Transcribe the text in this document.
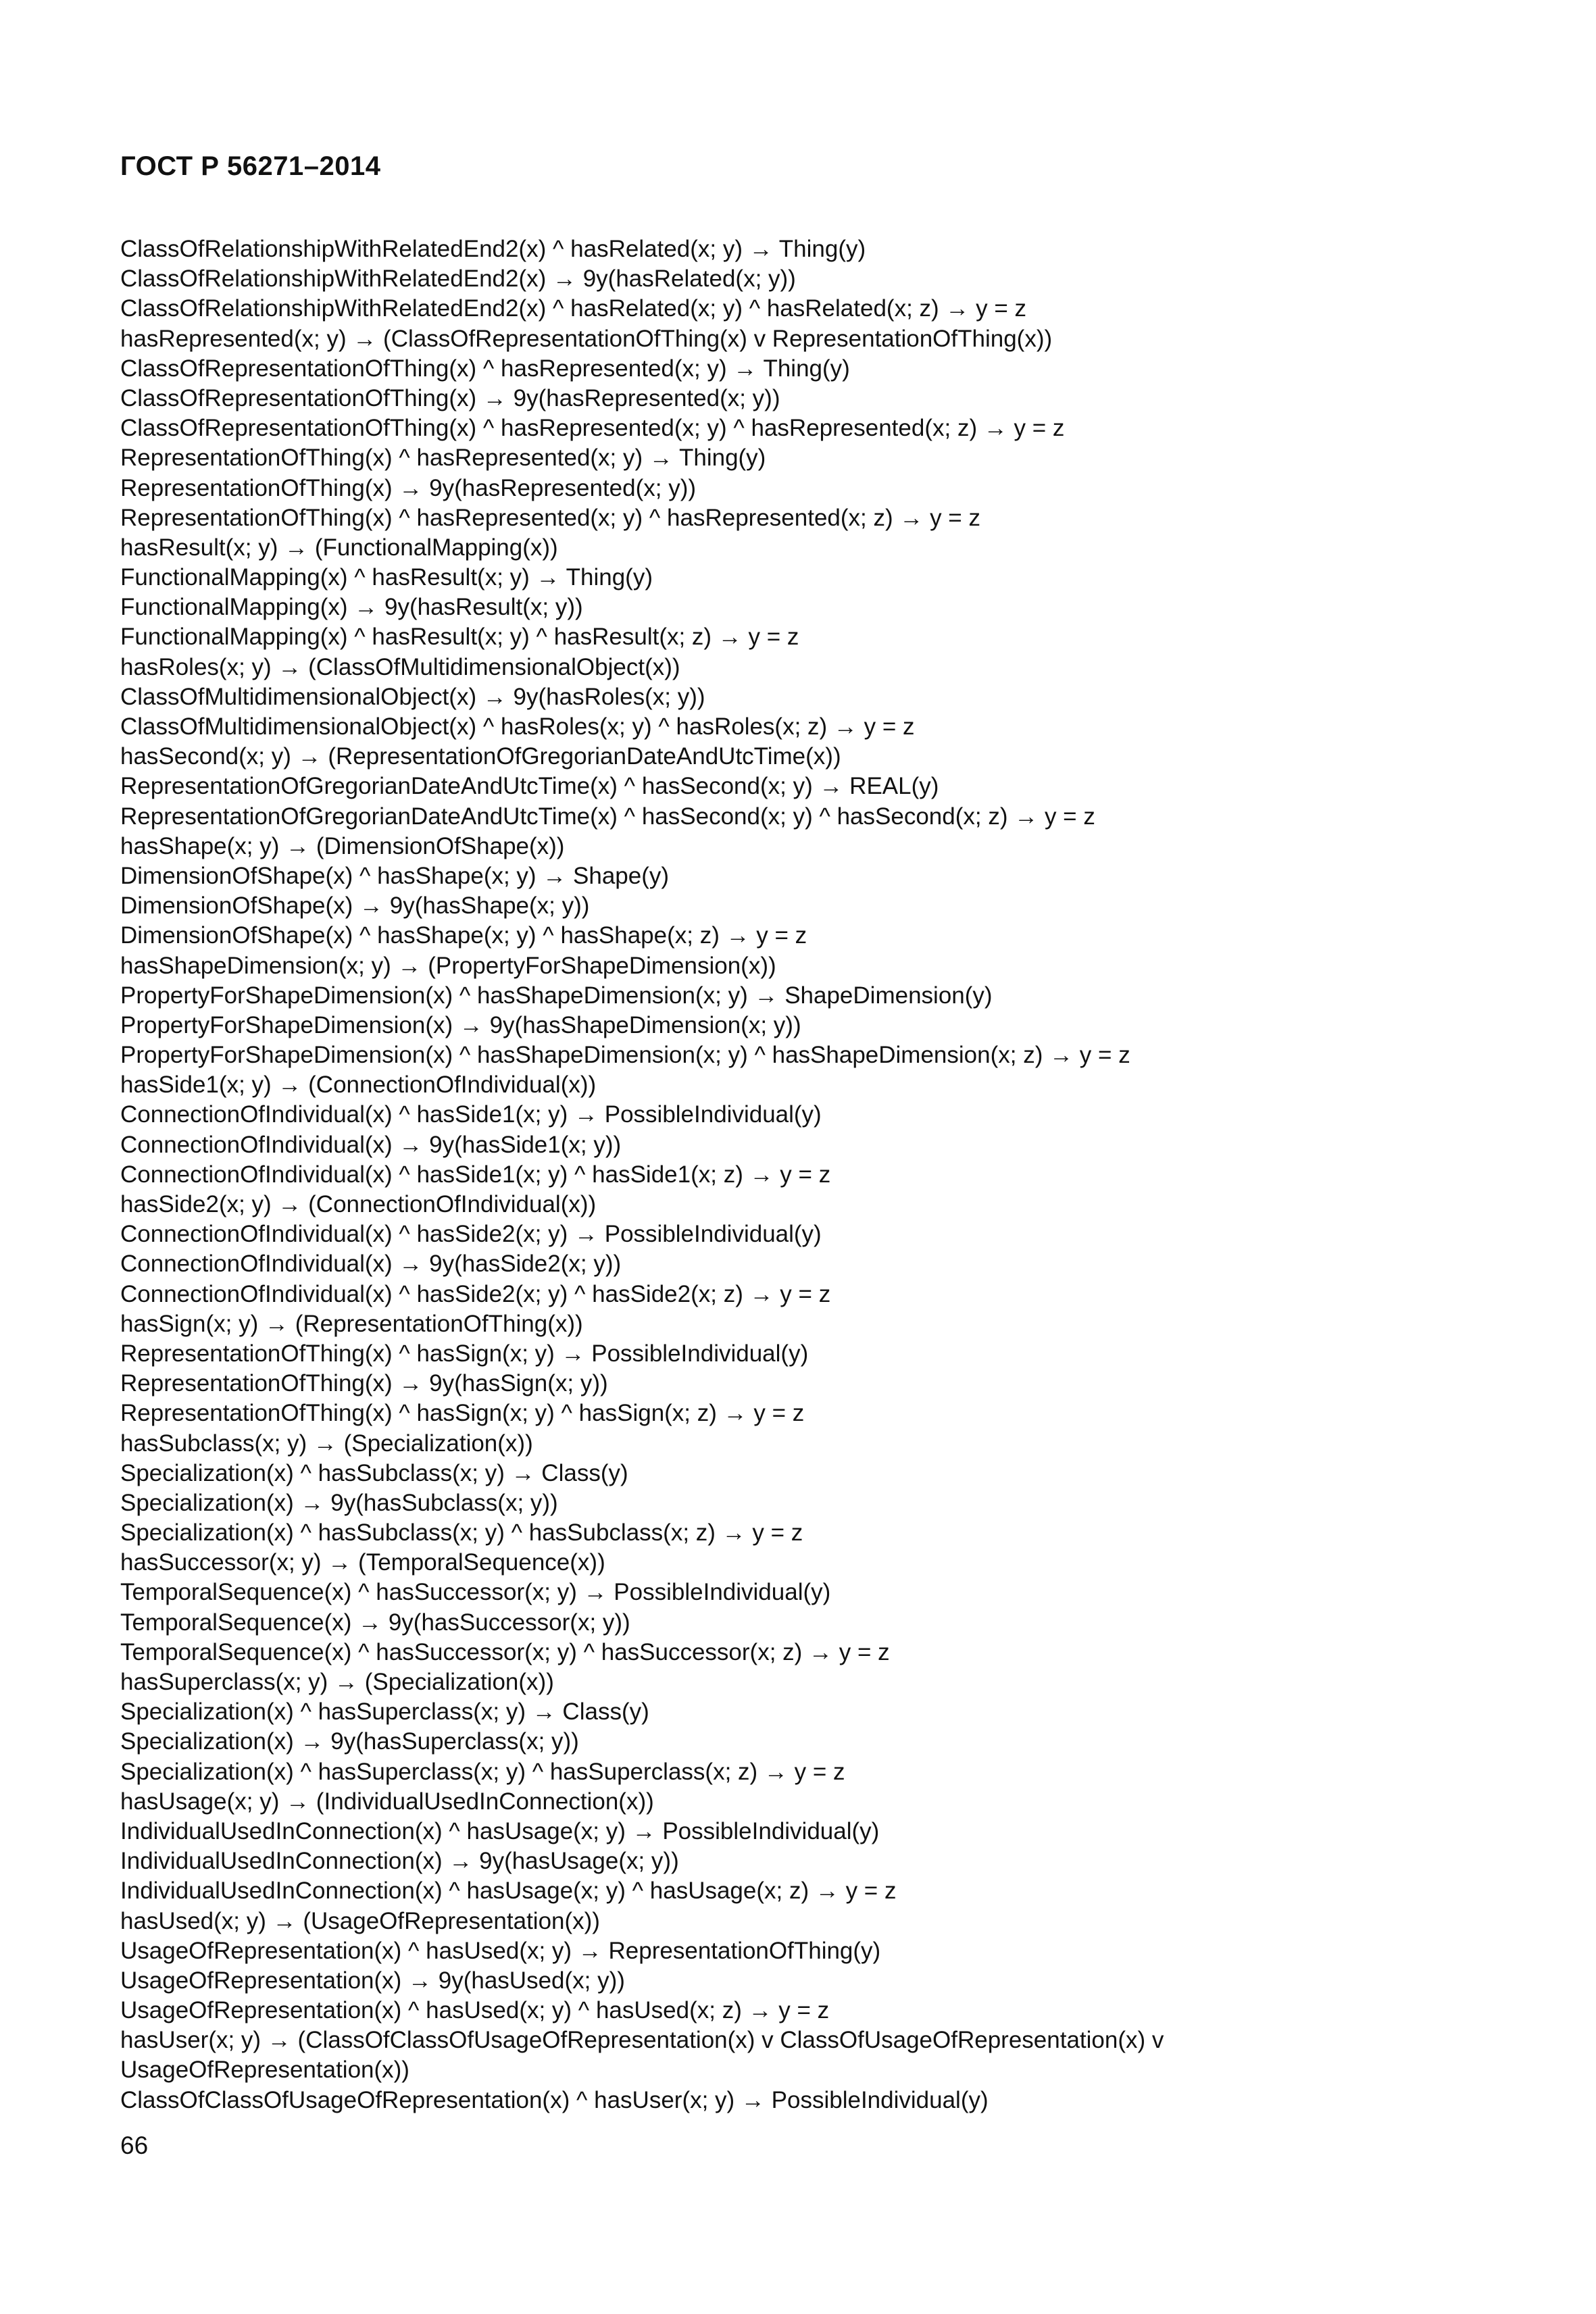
ГОСТ Р 56271–2014
ClassOfRelationshipWithRelatedEnd2(x) ^ hasRelated(x; y) → Thing(y)
ClassOfRelationshipWithRelatedEnd2(x) → 9y(hasRelated(x; y))
ClassOfRelationshipWithRelatedEnd2(x) ^ hasRelated(x; y) ^ hasRelated(x; z) → y = z
hasRepresented(x; y) → (ClassOfRepresentationOfThing(x) v RepresentationOfThing(x))
ClassOfRepresentationOfThing(x) ^ hasRepresented(x; y) → Thing(y)
ClassOfRepresentationOfThing(x) → 9y(hasRepresented(x; y))
ClassOfRepresentationOfThing(x) ^ hasRepresented(x; y) ^ hasRepresented(x; z) → y = z
RepresentationOfThing(x) ^ hasRepresented(x; y) → Thing(y)
RepresentationOfThing(x) → 9y(hasRepresented(x; y))
RepresentationOfThing(x) ^ hasRepresented(x; y) ^ hasRepresented(x; z) → y = z
hasResult(x; y) → (FunctionalMapping(x))
FunctionalMapping(x) ^ hasResult(x; y) → Thing(y)
FunctionalMapping(x) → 9y(hasResult(x; y))
FunctionalMapping(x) ^ hasResult(x; y) ^ hasResult(x; z) → y = z
hasRoles(x; y) → (ClassOfMultidimensionalObject(x))
ClassOfMultidimensionalObject(x) → 9y(hasRoles(x; y))
ClassOfMultidimensionalObject(x) ^ hasRoles(x; y) ^ hasRoles(x; z) → y = z
hasSecond(x; y) → (RepresentationOfGregorianDateAndUtcTime(x))
RepresentationOfGregorianDateAndUtcTime(x) ^ hasSecond(x; y) → REAL(y)
RepresentationOfGregorianDateAndUtcTime(x) ^ hasSecond(x; y) ^ hasSecond(x; z) → y = z
hasShape(x; y) → (DimensionOfShape(x))
DimensionOfShape(x) ^ hasShape(x; y) → Shape(y)
DimensionOfShape(x) → 9y(hasShape(x; y))
DimensionOfShape(x) ^ hasShape(x; y) ^ hasShape(x; z) → y = z
hasShapeDimension(x; y) → (PropertyForShapeDimension(x))
PropertyForShapeDimension(x) ^ hasShapeDimension(x; y) → ShapeDimension(y)
PropertyForShapeDimension(x) → 9y(hasShapeDimension(x; y))
PropertyForShapeDimension(x) ^ hasShapeDimension(x; y) ^ hasShapeDimension(x; z) → y = z
hasSide1(x; y) → (ConnectionOfIndividual(x))
ConnectionOfIndividual(x) ^ hasSide1(x; y) → PossibleIndividual(y)
ConnectionOfIndividual(x) → 9y(hasSide1(x; y))
ConnectionOfIndividual(x) ^ hasSide1(x; y) ^ hasSide1(x; z) → y = z
hasSide2(x; y) → (ConnectionOfIndividual(x))
ConnectionOfIndividual(x) ^ hasSide2(x; y) → PossibleIndividual(y)
ConnectionOfIndividual(x) → 9y(hasSide2(x; y))
ConnectionOfIndividual(x) ^ hasSide2(x; y) ^ hasSide2(x; z) → y = z
hasSign(x; y) → (RepresentationOfThing(x))
RepresentationOfThing(x) ^ hasSign(x; y) → PossibleIndividual(y)
RepresentationOfThing(x) → 9y(hasSign(x; y))
RepresentationOfThing(x) ^ hasSign(x; y) ^ hasSign(x; z) → y = z
hasSubclass(x; y) → (Specialization(x))
Specialization(x) ^ hasSubclass(x; y) → Class(y)
Specialization(x) → 9y(hasSubclass(x; y))
Specialization(x) ^ hasSubclass(x; y) ^ hasSubclass(x; z) → y = z
hasSuccessor(x; y) → (TemporalSequence(x))
TemporalSequence(x) ^ hasSuccessor(x; y) → PossibleIndividual(y)
TemporalSequence(x) → 9y(hasSuccessor(x; y))
TemporalSequence(x) ^ hasSuccessor(x; y) ^ hasSuccessor(x; z) → y = z
hasSuperclass(x; y) → (Specialization(x))
Specialization(x) ^ hasSuperclass(x; y) → Class(y)
Specialization(x) → 9y(hasSuperclass(x; y))
Specialization(x) ^ hasSuperclass(x; y) ^ hasSuperclass(x; z) → y = z
hasUsage(x; y) → (IndividualUsedInConnection(x))
IndividualUsedInConnection(x) ^ hasUsage(x; y) → PossibleIndividual(y)
IndividualUsedInConnection(x) → 9y(hasUsage(x; y))
IndividualUsedInConnection(x) ^ hasUsage(x; y) ^ hasUsage(x; z) → y = z
hasUsed(x; y) → (UsageOfRepresentation(x))
UsageOfRepresentation(x) ^ hasUsed(x; y) → RepresentationOfThing(y)
UsageOfRepresentation(x) → 9y(hasUsed(x; y))
UsageOfRepresentation(x) ^ hasUsed(x; y) ^ hasUsed(x; z) → y = z
hasUser(x; y) → (ClassOfClassOfUsageOfRepresentation(x) v ClassOfUsageOfRepresentation(x) v
UsageOfRepresentation(x))
ClassOfClassOfUsageOfRepresentation(x) ^ hasUser(x; y) → PossibleIndividual(y)
66
